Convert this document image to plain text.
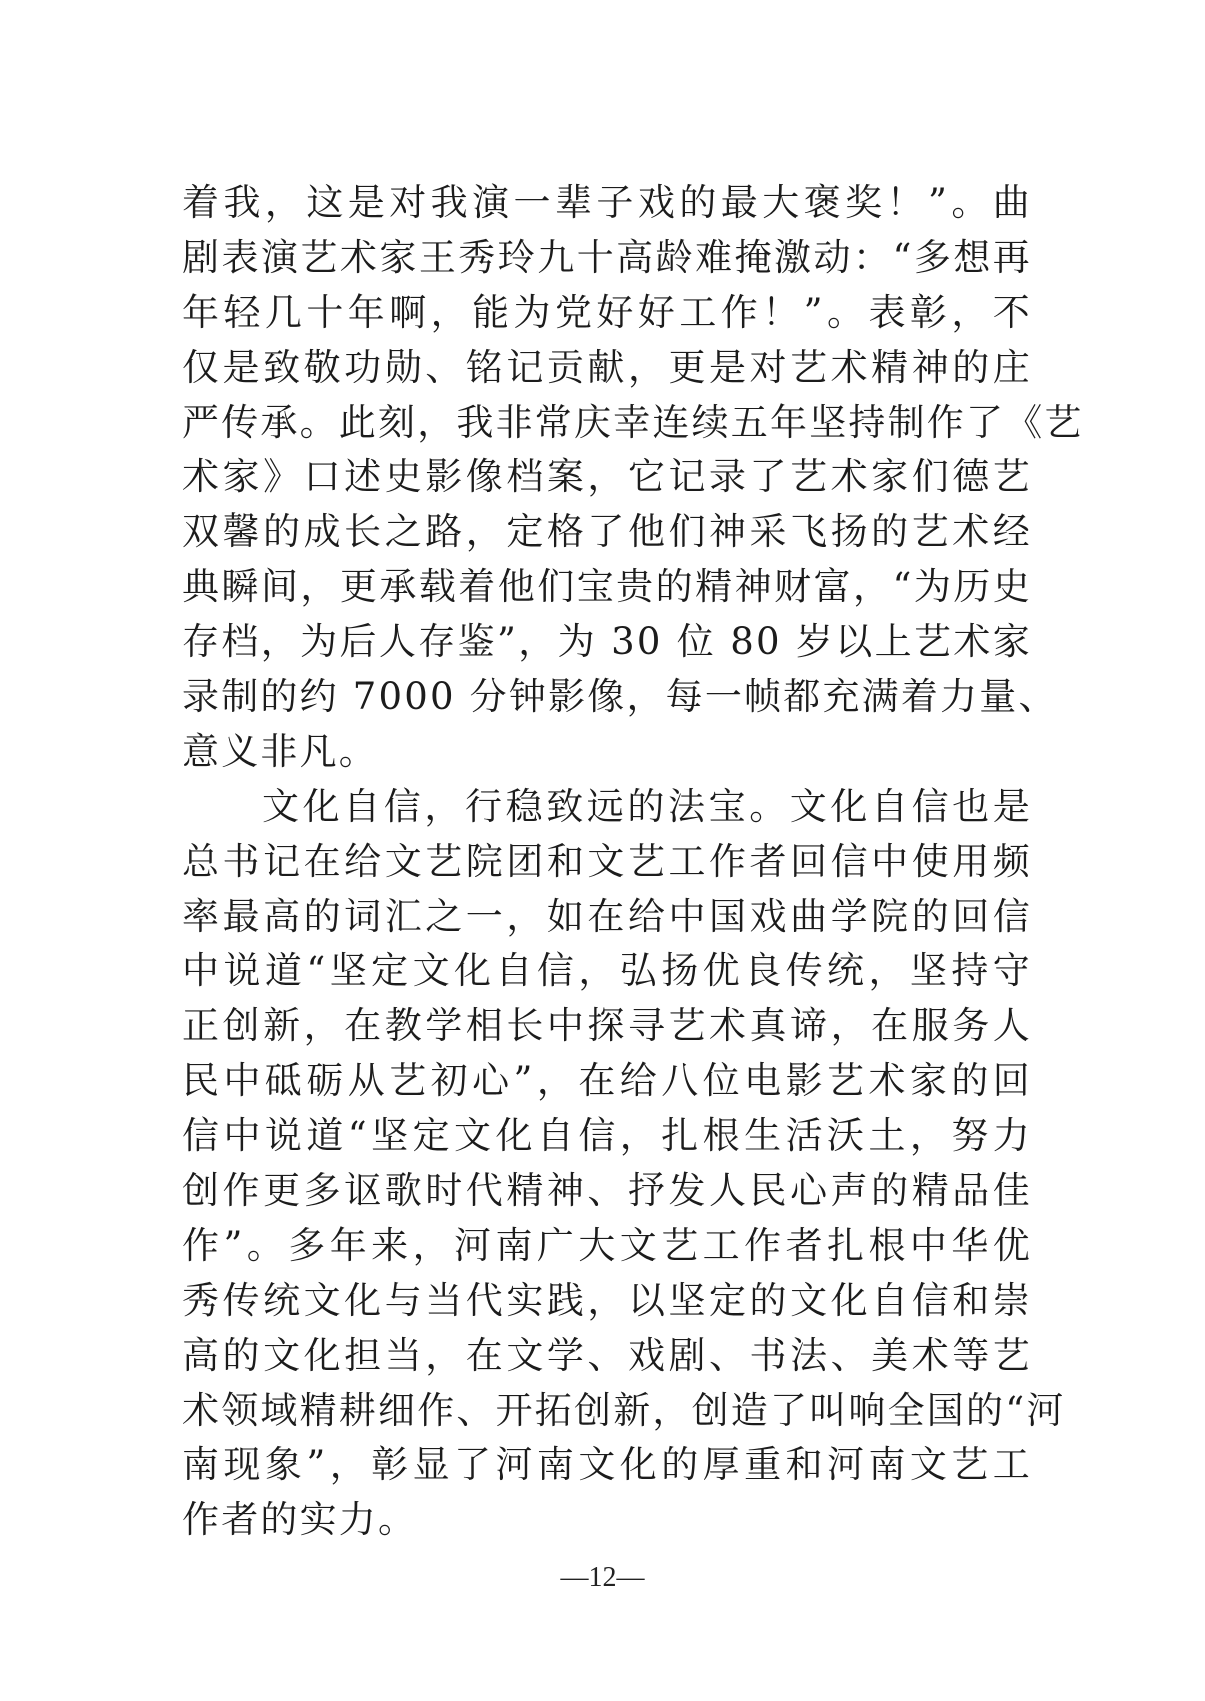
着我，这是对我演一辈子戏的最大褒奖！”。曲
剧表演艺术家王秀玲九十高龄难掩激动：“多想再
年轻几十年啊，能为党好好工作！”。表彰，不
仅是致敬功勋、铭记贡献，更是对艺术精神的庄
严传承。此刻，我非常庆幸连续五年坚持制作了《艺
术家》口述史影像档案，它记录了艺术家们德艺
双馨的成长之路，定格了他们神采飞扬的艺术经
典瞬间，更承载着他们宝贵的精神财富，“为历史
存档，为后人存鉴”，为 30 位 80 岁以上艺术家
录制的约 7000 分钟影像，每一帧都充满着力量、
意义非凡。
文化自信，行稳致远的法宝。文化自信也是
总书记在给文艺院团和文艺工作者回信中使用频
率最高的词汇之一，如在给中国戏曲学院的回信
中说道“坚定文化自信，弘扬优良传统，坚持守
正创新，在教学相长中探寻艺术真谛，在服务人
民中砥砺从艺初心”，在给八位电影艺术家的回
信中说道“坚定文化自信，扎根生活沃土，努力
创作更多讴歌时代精神、抒发人民心声的精品佳
作”。多年来，河南广大文艺工作者扎根中华优
秀传统文化与当代实践，以坚定的文化自信和崇
高的文化担当，在文学、戏剧、书法、美术等艺
术领域精耕细作、开拓创新，创造了叫响全国的“河
南现象”，彰显了河南文化的厚重和河南文艺工
作者的实力。
—12—
